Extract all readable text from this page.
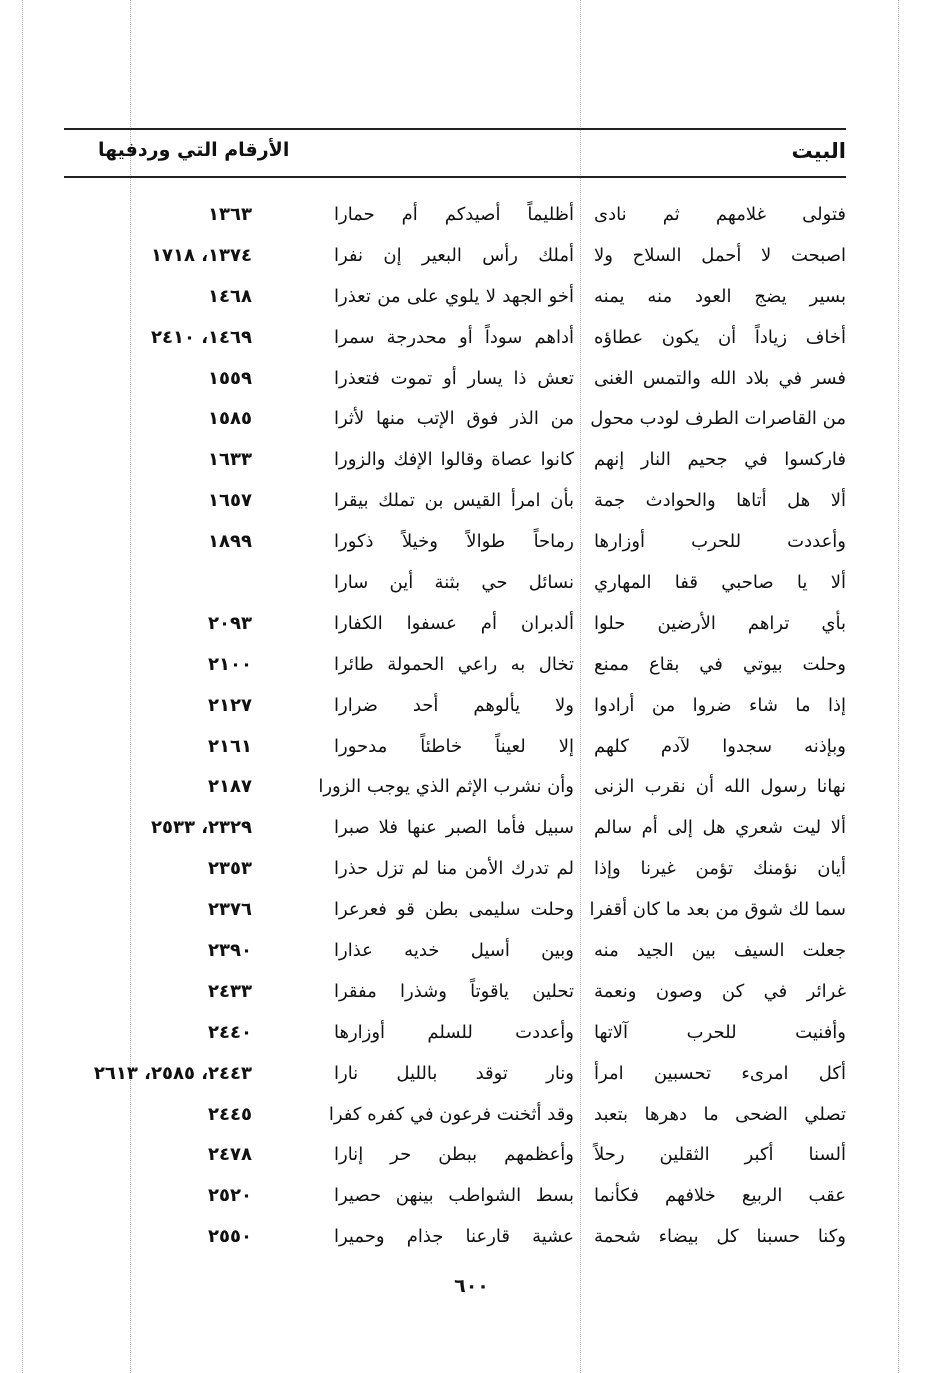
البيت
الأرقام التي وردفيها
فتولى غلامهم ثم نادى
أظليماً أصيدكم أم حمارا
١٣٦٣
اصبحت لا أحمل السلاح ولا
أملك رأس البعير إن نفرا
١٣٧٤، ١٧١٨
بسير يضج العود منه يمنه
أخو الجهد لا يلوي على من تعذرا
١٤٦٨
أخاف زياداً أن يكون عطاؤه
أداهم سوداً أو محدرجة سمرا
١٤٦٩، ٢٤١٠
فسر في بلاد الله والتمس الغنى
تعش ذا يسار أو تموت فتعذرا
١٥٥٩
من القاصرات الطرف لودب محول
من الذر فوق الإتب منها لأثرا
١٥٨٥
فاركسوا في جحيم النار إنهم
كانوا عصاة وقالوا الإفك والزورا
١٦٣٣
ألا هل أتاها والحوادث جمة
بأن امرأ القيس بن تملك بيقرا
١٦٥٧
وأعددت للحرب أوزارها
رماحاً طوالاً وخيلاً ذكورا
١٨٩٩
ألا يا صاحبي قفا المهاري
نسائل حي بثنة أين سارا
بأي تراهم الأرضين حلوا
ألدبران أم عسفوا الكفارا
٢٠٩٣
وحلت بيوتي في بقاع ممنع
تخال به راعي الحمولة طائرا
٢١٠٠
إذا ما شاء ضروا من أرادوا
ولا يألوهم أحد ضرارا
٢١٢٧
وبإذنه سجدوا لآدم كلهم
إلا لعيناً خاطئاً مدحورا
٢١٦١
نهانا رسول الله أن نقرب الزنى
وأن نشرب الإثم الذي يوجب الزورا
٢١٨٧
ألا ليت شعري هل إلى أم سالم
سبيل فأما الصبر عنها فلا صبرا
٢٣٢٩، ٢٥٣٣
أيان نؤمنك تؤمن غيرنا وإذا
لم تدرك الأمن منا لم تزل حذرا
٢٣٥٣
سما لك شوق من بعد ما كان أقفرا
وحلت سليمى بطن قو فعرعرا
٢٣٧٦
جعلت السيف بين الجيد منه
وبين أسيل خديه عذارا
٢٣٩٠
غرائر في كن وصون ونعمة
تحلين ياقوتاً وشذرا مفقرا
٢٤٣٣
وأفنيت للحرب آلاتها
وأعددت للسلم أوزارها
٢٤٤٠
أكل امرىء تحسبين امرأ
ونار توقد بالليل نارا
٢٤٤٣، ٢٥٨٥، ٢٦١٣
تصلي الضحى ما دهرها بتعبد
وقد أثخنت فرعون في كفره كفرا
٢٤٤٥
ألسنا أكبر الثقلين رحلاً
وأعظمهم ببطن حر إنارا
٢٤٧٨
عقب الربيع خلافهم فكأنما
بسط الشواطب بينهن حصيرا
٢٥٢٠
وكنا حسبنا كل بيضاء شحمة
عشية قارعنا جذام وحميرا
٢٥٥٠
٦٠٠
